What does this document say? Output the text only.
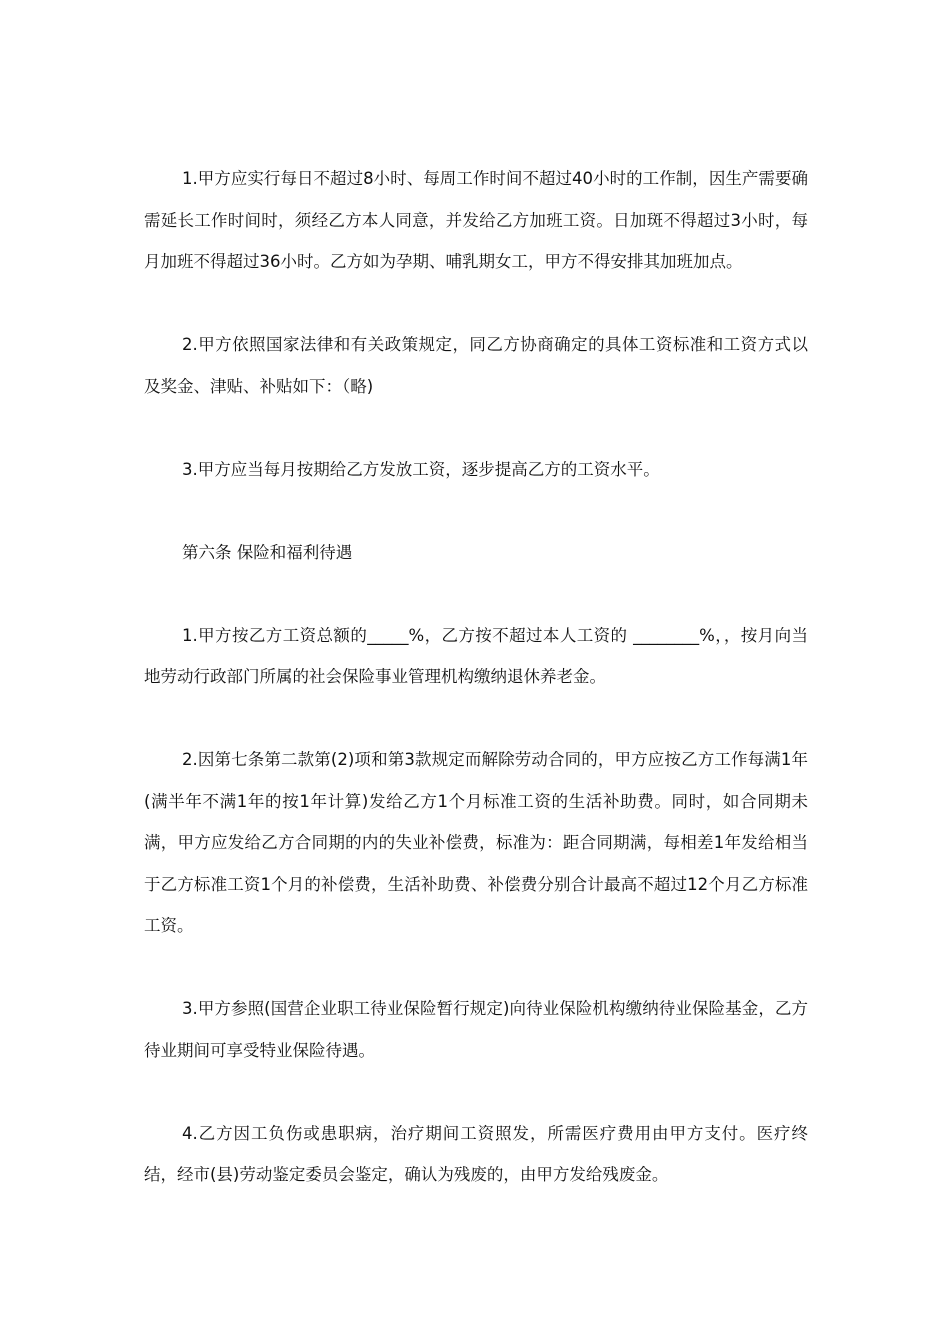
1.甲方应实行每日不超过8小时、每周工作时间不超过40小时的工作制，因生产需要确需延长工作时间时，须经乙方本人同意，并发给乙方加班工资。日加斑不得超过3小时，每月加班不得超过36小时。乙方如为孕期、哺乳期女工，甲方不得安排其加班加点。

2.甲方依照国家法律和有关政策规定，同乙方协商确定的具体工资标准和工资方式以及奖金、津贴、补贴如下：（略)

3.甲方应当每月按期给乙方发放工资，逐步提高乙方的工资水平。

第六条 保险和福利待遇

1.甲方按乙方工资总额的_____%，乙方按不超过本人工资的 ________%，，按月向当地劳动行政部门所属的社会保险事业管理机构缴纳退休养老金。

2.因第七条第二款第(2)项和第3款规定而解除劳动合同的，甲方应按乙方工作每满1年(满半年不满1年的按1年计算)发给乙方1个月标准工资的生活补助费。同时，如合同期未满，甲方应发给乙方合同期的内的失业补偿费，标准为：距合同期满，每相差1年发给相当于乙方标准工资1个月的补偿费，生活补助费、补偿费分别合计最高不超过12个月乙方标准工资。

3.甲方参照(国营企业职工待业保险暂行规定)向待业保险机构缴纳待业保险基金，乙方待业期间可享受特业保险待遇。

4.乙方因工负伤或患职病，治疗期间工资照发，所需医疗费用由甲方支付。医疗终结，经市(县)劳动鉴定委员会鉴定，确认为残废的，由甲方发给残废金。
